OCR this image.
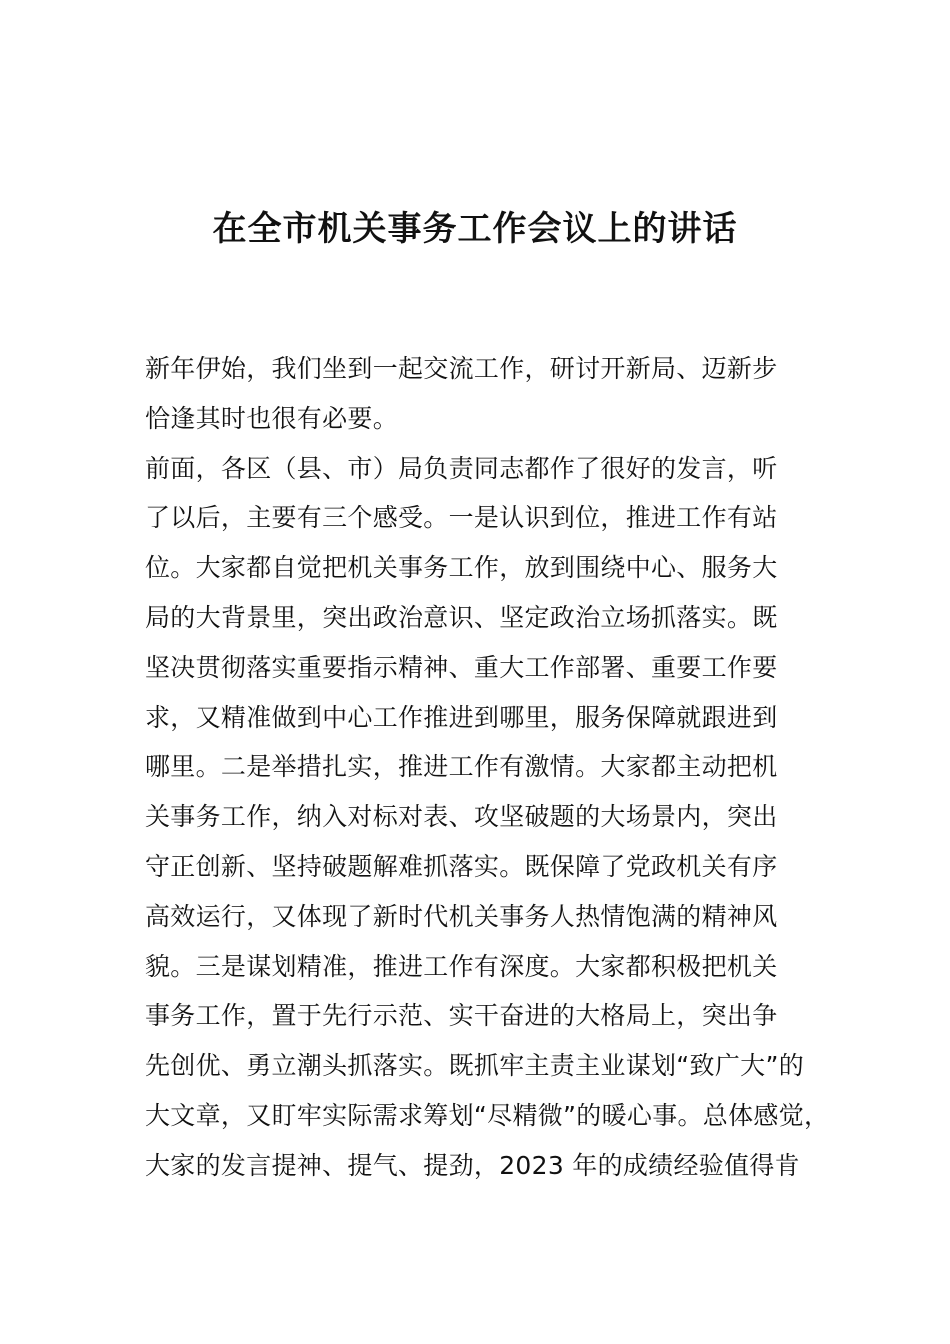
在全市机关事务工作会议上的讲话
新年伊始，我们坐到一起交流工作，研讨开新局、迈新步
恰逢其时也很有必要。
前面，各区（县、市）局负责同志都作了很好的发言，听
了以后，主要有三个感受。一是认识到位，推进工作有站
位。大家都自觉把机关事务工作，放到围绕中心、服务大
局的大背景里，突出政治意识、坚定政治立场抓落实。既
坚决贯彻落实重要指示精神、重大工作部署、重要工作要
求，又精准做到中心工作推进到哪里，服务保障就跟进到
哪里。二是举措扎实，推进工作有激情。大家都主动把机
关事务工作，纳入对标对表、攻坚破题的大场景内，突出
守正创新、坚持破题解难抓落实。既保障了党政机关有序
高效运行，又体现了新时代机关事务人热情饱满的精神风
貌。三是谋划精准，推进工作有深度。大家都积极把机关
事务工作，置于先行示范、实干奋进的大格局上，突出争
先创优、勇立潮头抓落实。既抓牢主责主业谋划“致广大”的
大文章，又盯牢实际需求筹划“尽精微”的暖心事。总体感觉，
大家的发言提神、提气、提劲，2023 年的成绩经验值得肯
